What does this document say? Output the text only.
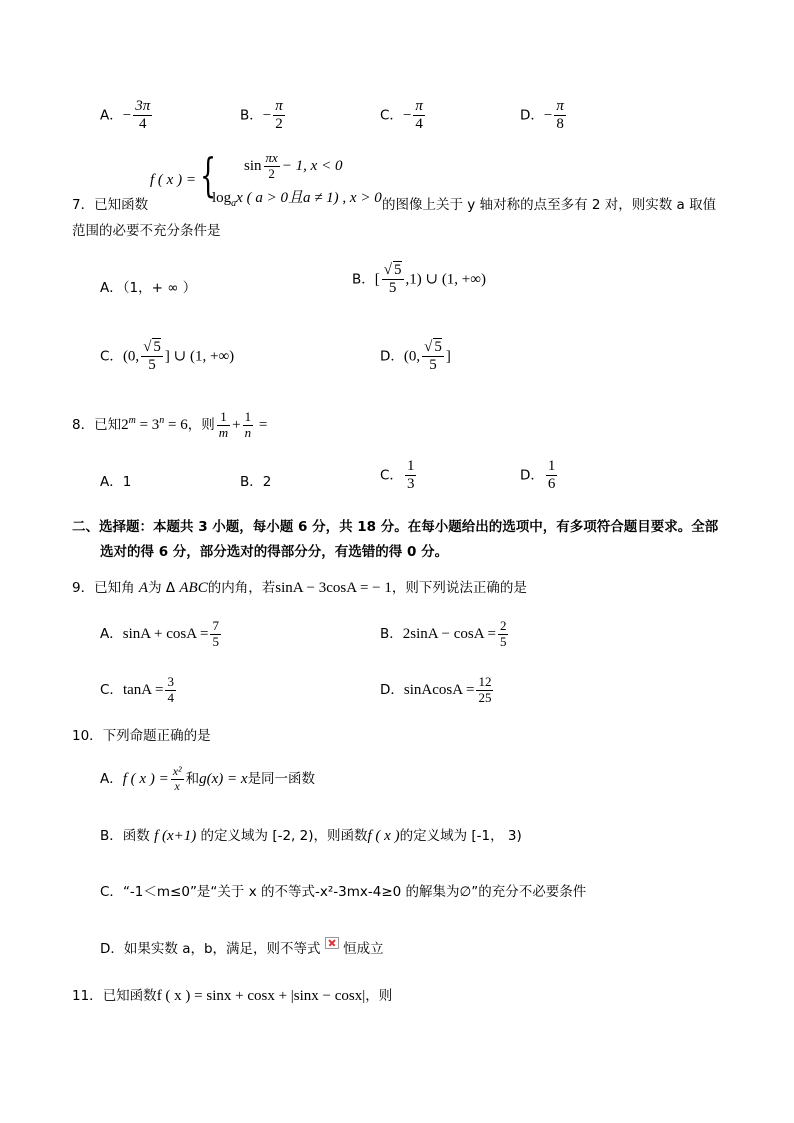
A．− $\frac{3\pi}{4}$	B．− $\frac{\pi}{2}$	C．− $\frac{\pi}{4}$	D．− $\frac{\pi}{8}$
f ( x ) = {	$\sin \frac{\pi x}{2} - 1$, x < 0
$\log_ax$ ( a > 0且a ≠ 1) , x > 0
7．已知函数	的图像上关于 y 轴对称的点至多有 2 对，则实数 a 取值
范围的必要不充分条件是
A．（1，+ ∞ ）
B．[ $\frac{√ 5}{5} ,1$) ∪ (1, +∞)
C．(0, $\frac{√ 5}{5}$ ] ∪ (1, +∞)	D．(0, $\frac{√ 5}{5}$ ]
8．已知$2^m = 3^n = 6$，则 $\frac{1}{m} + \frac{1}{n}$ =
A．1	B．2	C． $\frac{1}{3}$	D． $\frac{1}{6}$
二、选择题：本题共 3 小题，每小题 6 分，共 18 分。在每小题给出的选项中，有多项符合题目要求。全部
选对的得 6 分，部分选对的得部分分，有选错的得 0 分。
9．已知角 A为 Δ ABC的内角，若sinA − 3cosA = − 1，则下列说法正确的是
A．$\sin A + \cos A = \frac{7}{5}$	B．$2\sin A - \cos A = \frac{2}{5}$
C．$\tan A = \frac{3}{4}$	D．sinAcosA = $\frac{12}{25}$
10．下列命题正确的是
A．f ( x ) = $\frac{\text{x²}}{x}$ 和g(x) = x是同一函数
B．函数 f (x+1) 的定义域为 [-2, 2)，则函数f ( x )的定义域为 [-1， 3)
C．“-1＜m≤0”是“关于 x 的不等式-x²-3mx-4≥0 的解集为∅”的充分不必要条件
D．如果实数 a，b，满足，则不等式  恒成立
11．已知函数f ( x ) = sinx + cosx + |sinx − cosx|，则
